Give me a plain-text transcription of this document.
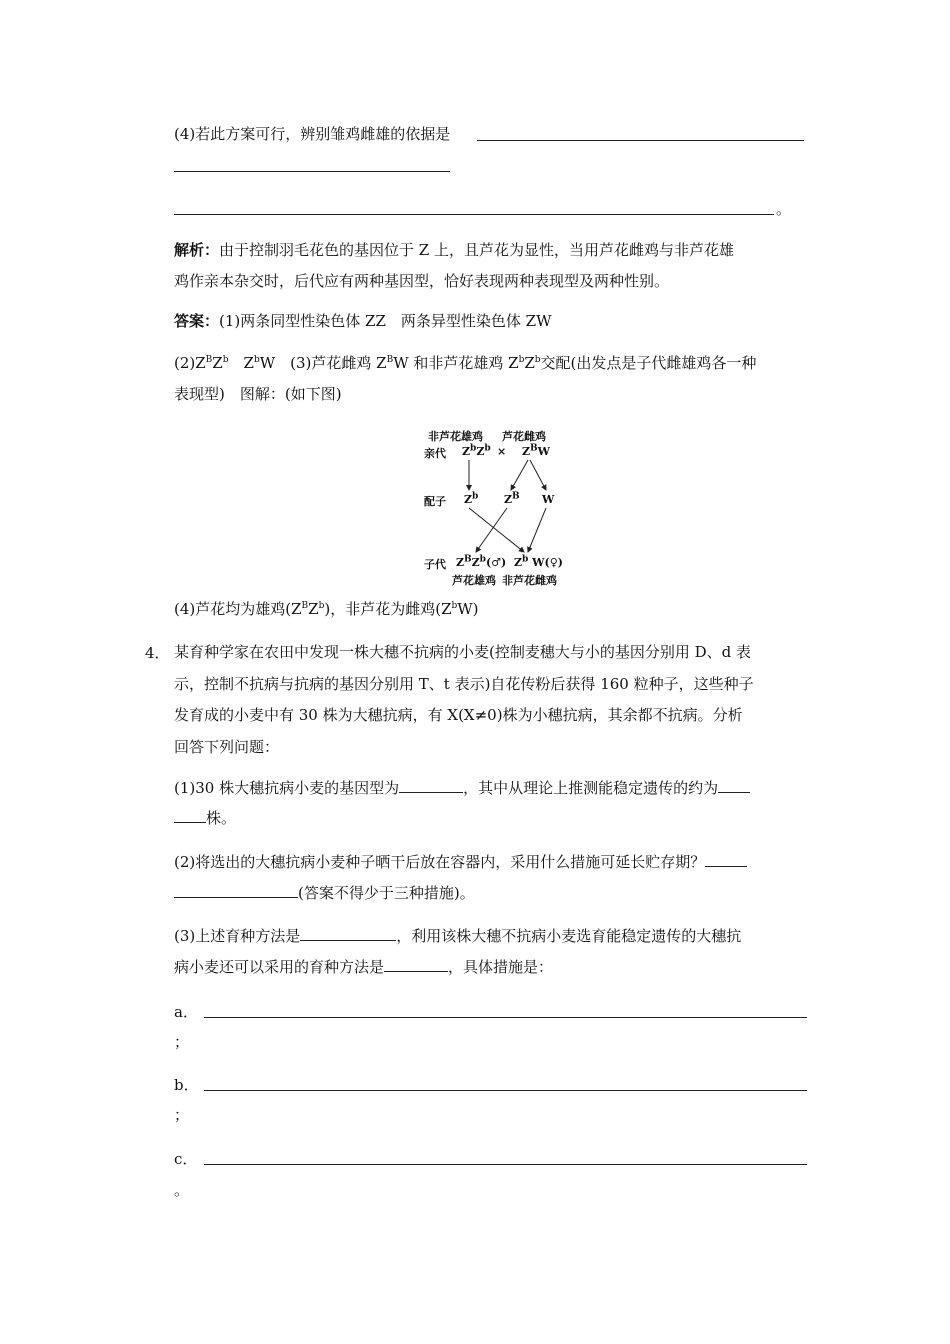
(4)若此方案可行，辨别雏鸡雌雄的依据是
。
解析：由于控制羽毛花色的基因位于 Z 上，且芦花为显性，当用芦花雌鸡与非芦花雄
鸡作亲本杂交时，后代应有两种基因型，恰好表现两种表现型及两种性别。
答案：(1)两条同型性染色体 ZZ　两条异型性染色体 ZW
$(2)Z^BZ^b$　$Z^bW$　(3)芦花雌鸡 $Z^BW$ 和非芦花雄鸡 $Z^bZ^b$交配(出发点是子代雌雄鸡各一种
表现型)　图解：(如下图)
非芦花雄鸡 芦花雌鸡
亲代 $Z^bZ^b \times Z^BW$
配子 $Z^b$ $Z^B$ W
子代 $Z^BZ^b(♂)$ $Z^b$ W(♀)
芦花雄鸡 非芦花雌鸡
(4)芦花均为雄鸡$(Z^BZ^b)$，非芦花为雌鸡$(Z^bW)$
4． 某育种学家在农田中发现一株大穗不抗病的小麦(控制麦穗大与小的基因分别用 D、d 表
示，控制不抗病与抗病的基因分别用 T、t 表示)自花传粉后获得 160 粒种子，这些种子
发育成的小麦中有 30 株为大穗抗病，有 X(X≠0)株为小穗抗病，其余都不抗病。分析
回答下列问题：
(1)30 株大穗抗病小麦的基因型为	，其中从理论上推测能稳定遗传的约为
株。
(2)将选出的大穗抗病小麦种子晒干后放在容器内，采用什么措施可延长贮存期？
(答案不得少于三种措施)。
(3)上述育种方法是	，利用该株大穗不抗病小麦选育能稳定遗传的大穗抗
病小麦还可以采用的育种方法是	，具体措施是：
a．
；
b．
；
c．
。
